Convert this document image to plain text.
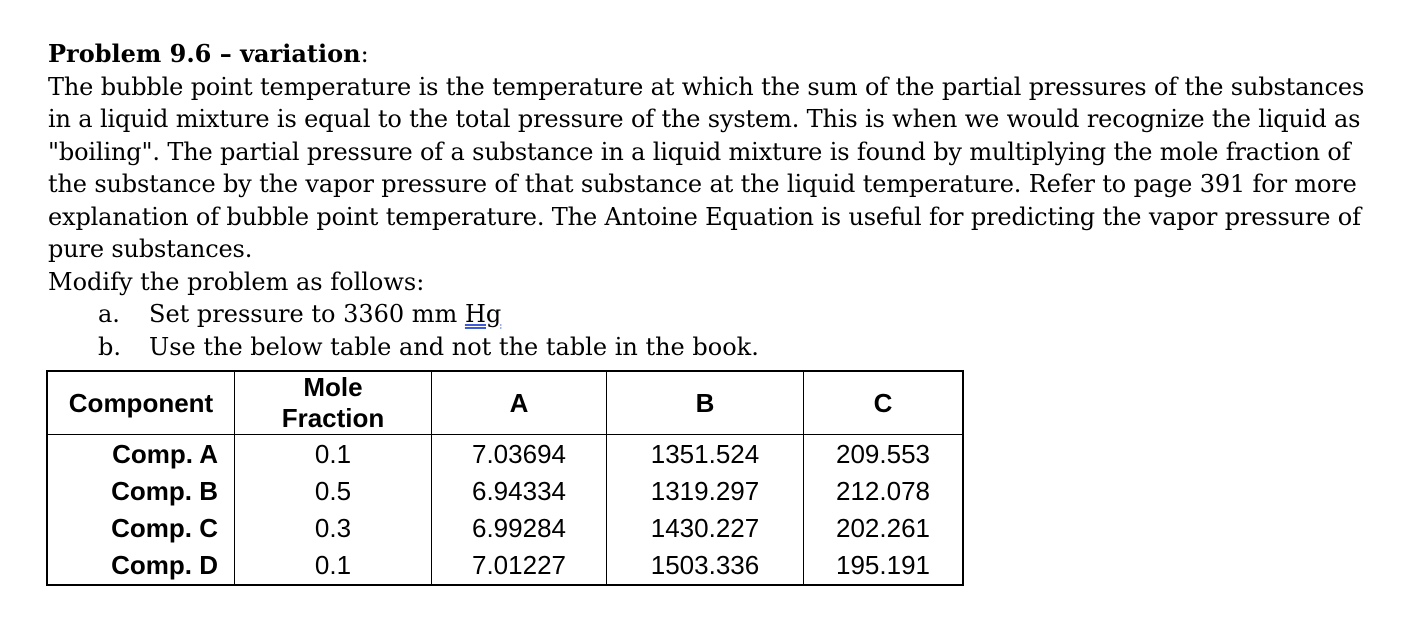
Problem 9.6 – variation:

The bubble point temperature is the temperature at which the sum of the partial pressures of the substances in a liquid mixture is equal to the total pressure of the system. This is when we would recognize the liquid as "boiling". The partial pressure of a substance in a liquid mixture is found by multiplying the mole fraction of the substance by the vapor pressure of that substance at the liquid temperature. Refer to page 391 for more explanation of bubble point temperature. The Antoine Equation is useful for predicting the vapor pressure of pure substances.

Modify the problem as follows:

a. Set pressure to 3360 mm Hg
b. Use the below table and not the table in the book.
Component	Mole Fraction	A	B	C
Comp. A	0.1	7.03694	1351.524	209.553
Comp. B	0.5	6.94334	1319.297	212.078
Comp. C	0.3	6.99284	1430.227	202.261
Comp. D	0.1	7.01227	1503.336	195.191
